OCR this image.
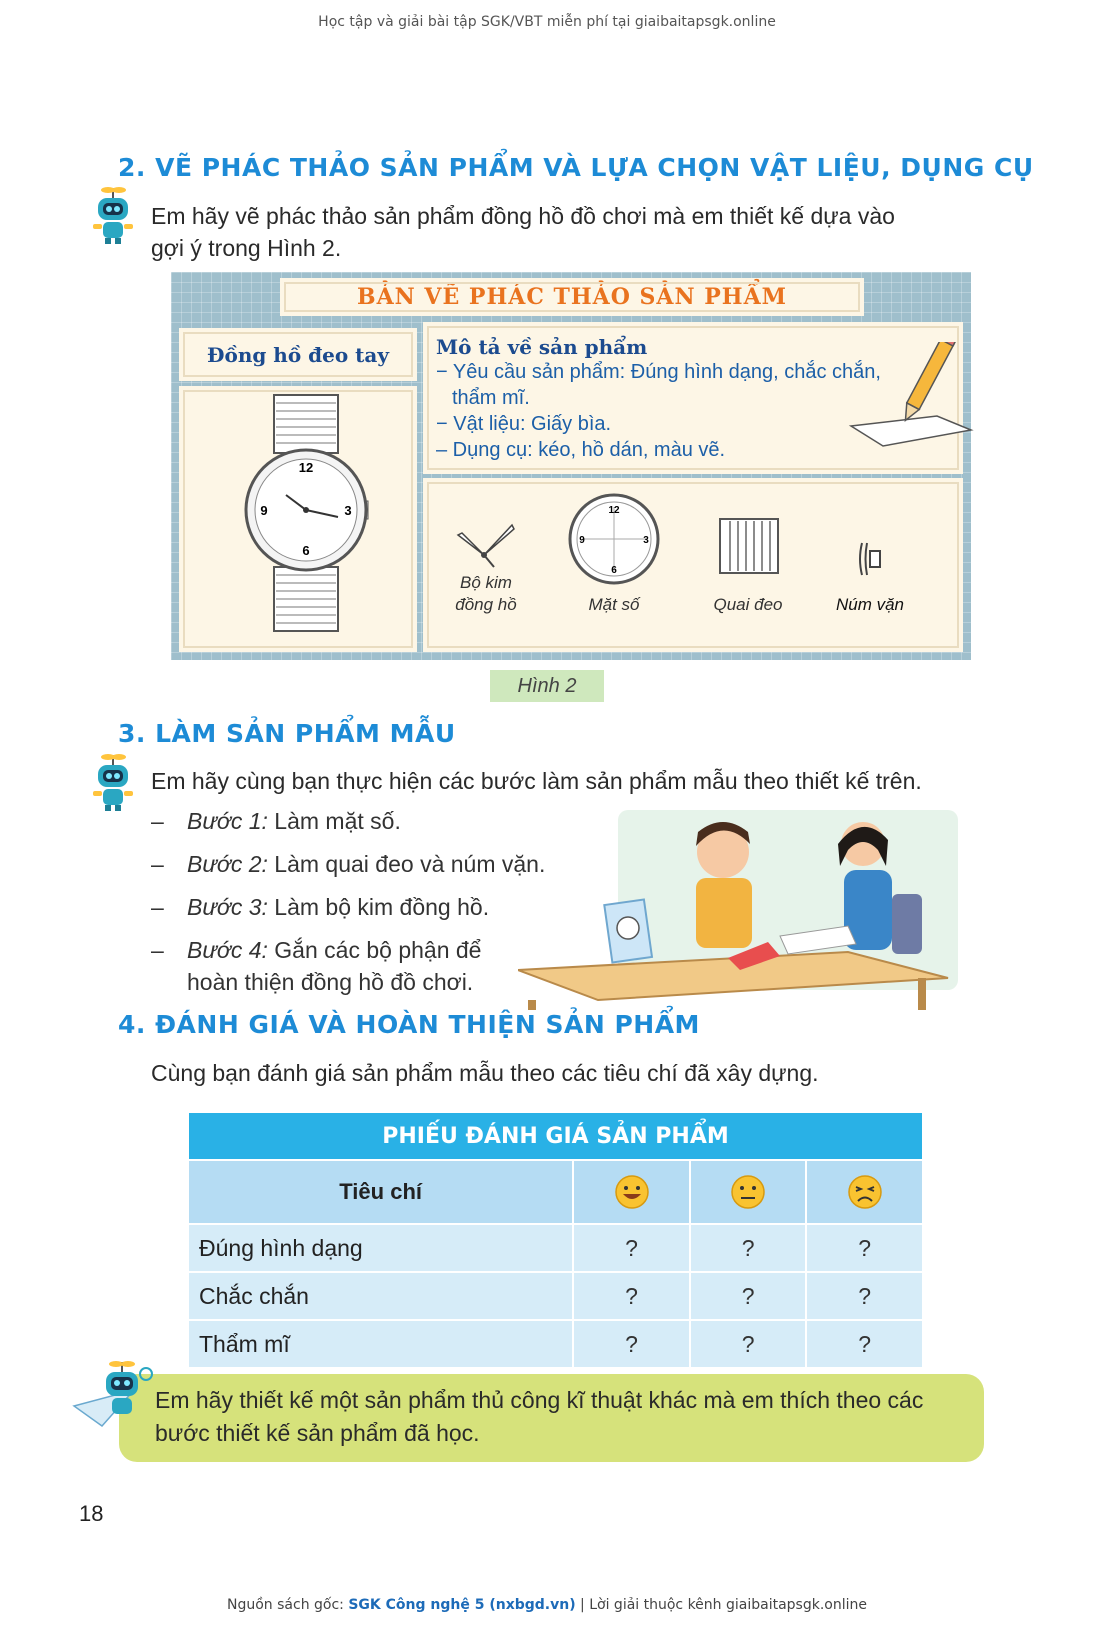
Học tập và giải bài tập SGK/VBT miễn phí tại giaibaitapsgk.online
2. VẼ PHÁC THẢO SẢN PHẨM VÀ LỰA CHỌN VẬT LIỆU, DỤNG CỤ
Em hãy vẽ phác thảo sản phẩm đồng hồ đồ chơi mà em thiết kế dựa vào
gợi ý trong Hình 2.
BẢN VẼ PHÁC THẢO SẢN PHẨM
Đồng hồ đeo tay
12
3
6
9
Mô tả về sản phẩm
− Yêu cầu sản phẩm: Đúng hình dạng, chắc chắn,
thẩm mĩ.
− Vật liệu: Giấy bìa.
– Dụng cụ: kéo, hồ dán, màu vẽ.
Bộ kim
đồng hồ
12
3
6
9
Mặt số	Quai đeo	Núm vặn
Hình 2
3. LÀM SẢN PHẨM MẪU
Em hãy cùng bạn thực hiện các bước làm sản phẩm mẫu theo thiết kế trên.
– Bước 1: Làm mặt số.
– Bước 2: Làm quai đeo và núm vặn.
– Bước 3: Làm bộ kim đồng hồ.
– Bước 4: Gắn các bộ phận để
hoàn thiện đồng hồ đồ chơi.
4. ĐÁNH GIÁ VÀ HOÀN THIỆN SẢN PHẨM
Cùng bạn đánh giá sản phẩm mẫu theo các tiêu chí đã xây dựng.
PHIẾU ĐÁNH GIÁ SẢN PHẨM			
Tiêu chí			
Đúng hình dạng	?	?	?
Chắc chắn	?	?	?
Thẩm mĩ	?	?	?
Em hãy thiết kế một sản phẩm thủ công kĩ thuật khác mà em thích theo các
bước thiết kế sản phẩm đã học.
18
Nguồn sách gốc: SGK Công nghệ 5 (nxbgd.vn) | Lời giải thuộc kênh giaibaitapsgk.online
